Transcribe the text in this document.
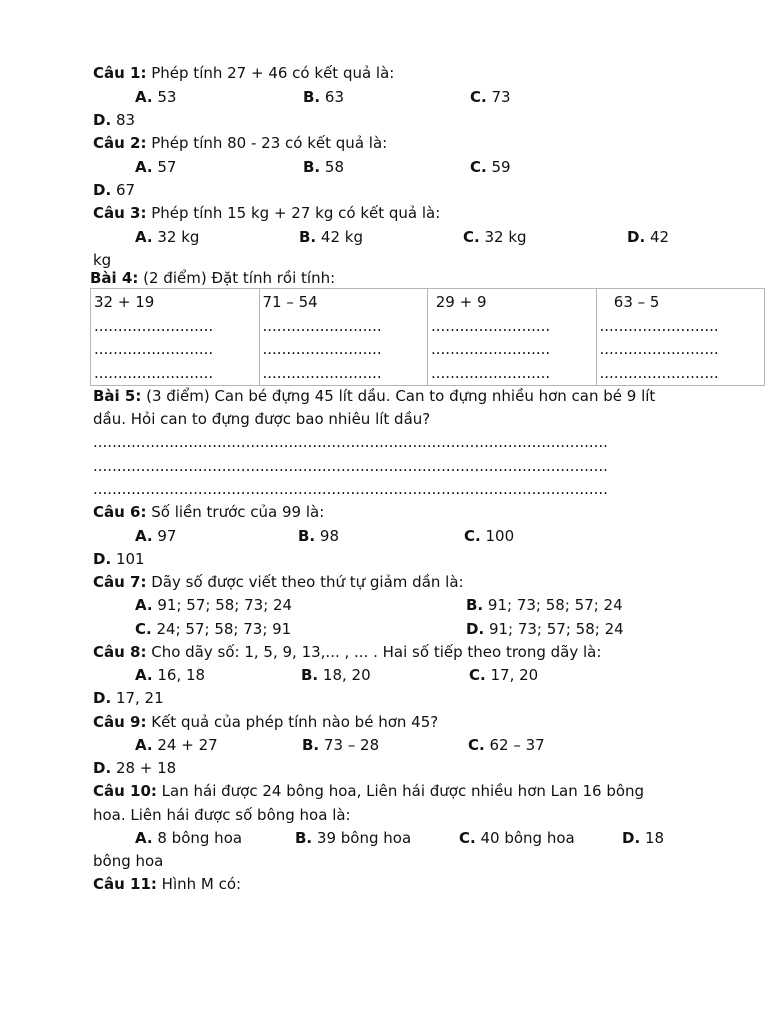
Câu 1: Phép tính 27 + 46 có kết quả là:
A. 53	B. 63	C. 73
D. 83
Câu 2: Phép tính 80 - 23 có kết quả là:
A. 57	B. 58	C. 59
D. 67
Câu 3: Phép tính 15 kg + 27 kg có kết quả là:
A. 32 kg	B. 42 kg	C. 32 kg	D. 42
kg
Bài 4: (2 điểm) Đặt tính rồi tính:
32 + 19
.........................
.........................
.........................

71 – 54
.........................
.........................
.........................

29 + 9
.........................
.........................
.........................

63 – 5
.........................
.........................
.........................
Bài 5: (3 điểm) Can bé đựng 45 lít dầu. Can to đựng nhiều hơn can bé 9 lít
dầu. Hỏi can to đựng được bao nhiêu lít dầu?
............................................................................................................
............................................................................................................
............................................................................................................
Câu 6: Số liền trước của 99 là:
A. 97	B. 98	C. 100
D. 101
Câu 7: Dãy số được viết theo thứ tự giảm dần là:
A. 91; 57; 58; 73; 24	B. 91; 73; 58; 57; 24
C. 24; 57; 58; 73; 91	D. 91; 73; 57; 58; 24
Câu 8: Cho dãy số: 1, 5, 9, 13,... , ... . Hai số tiếp theo trong dãy là:
A. 16, 18	B. 18, 20	C. 17, 20
D. 17, 21
Câu 9: Kết quả của phép tính nào bé hơn 45?
A. 24 + 27	B. 73 – 28	C. 62 – 37
D. 28 + 18
Câu 10: Lan hái được 24 bông hoa, Liên hái được nhiều hơn Lan 16 bông
hoa. Liên hái được số bông hoa là:
A. 8 bông hoa	B. 39 bông hoa	C. 40 bông hoa	D. 18
bông hoa
Câu 11: Hình M có:
